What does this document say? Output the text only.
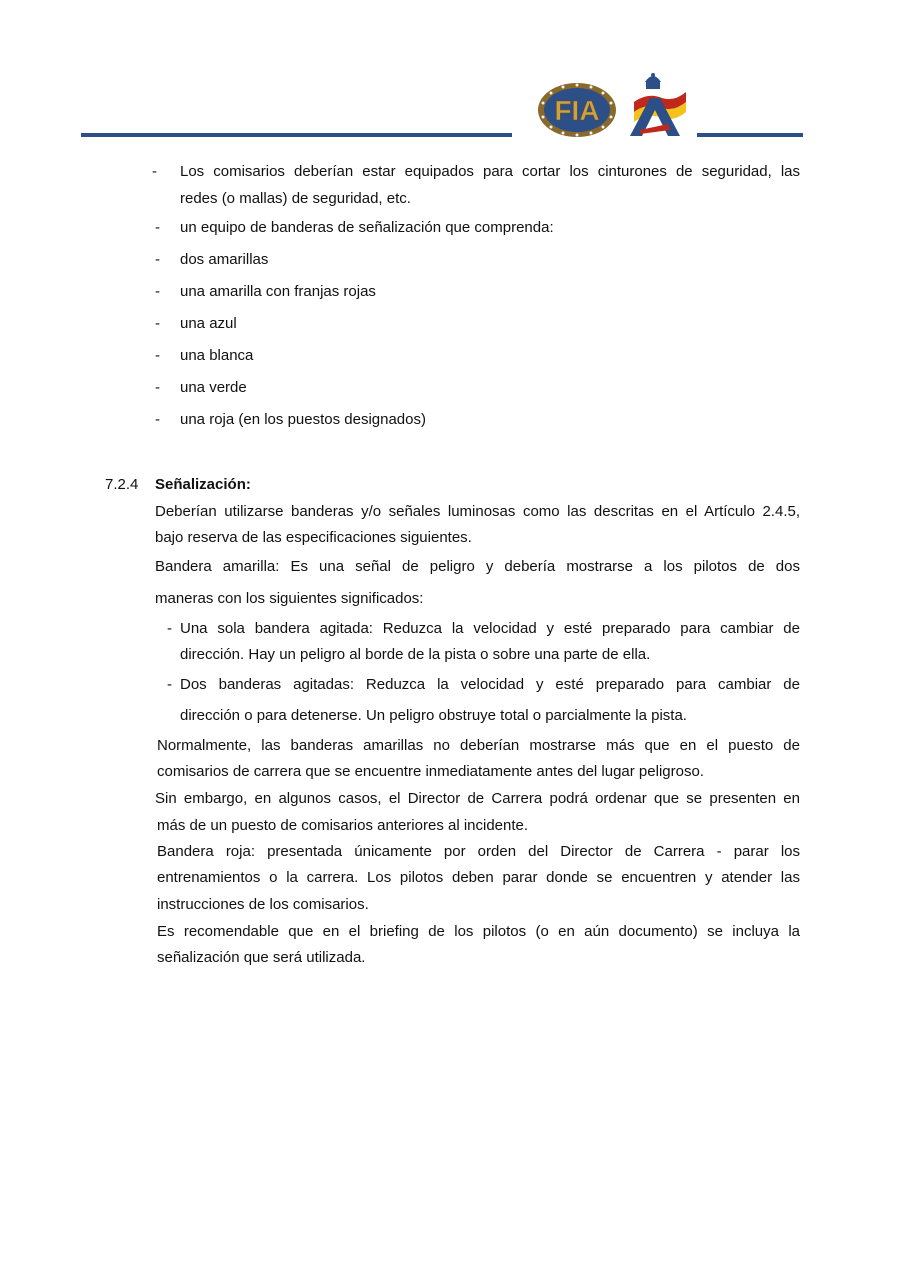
FIA
- Los comisarios deberían estar equipados para cortar los cinturones de seguridad, las

redes (o mallas) de seguridad, etc.

- un equipo de banderas de señalización que comprenda:

- dos amarillas

- una amarilla con franjas rojas

- una azul

- una blanca

- una verde

- una roja (en los puestos designados)

7.2.4 Señalización:

Deberían utilizarse banderas y/o señales luminosas como las descritas en el Artículo 2.4.5,

bajo reserva de las especificaciones siguientes.

Bandera amarilla: Es una señal de peligro y debería mostrarse a los pilotos de dos

maneras con los siguientes significados:

- Una sola bandera agitada: Reduzca la velocidad y esté preparado para cambiar de

dirección. Hay un peligro al borde de la pista o sobre una parte de ella.

- Dos banderas agitadas: Reduzca la velocidad y esté preparado para cambiar de

dirección o para detenerse. Un peligro obstruye total o parcialmente la pista.

Normalmente, las banderas amarillas no deberían mostrarse más que en el puesto de

comisarios de carrera que se encuentre inmediatamente antes del lugar peligroso.

Sin embargo, en algunos casos, el Director de Carrera podrá ordenar que se presenten en

más de un puesto de comisarios anteriores al incidente.

Bandera roja: presentada únicamente por orden del Director de Carrera - parar los

entrenamientos o la carrera. Los pilotos deben parar donde se encuentren y atender las

instrucciones de los comisarios.

Es recomendable que en el briefing de los pilotos (o en aún documento) se incluya la

señalización que será utilizada.
